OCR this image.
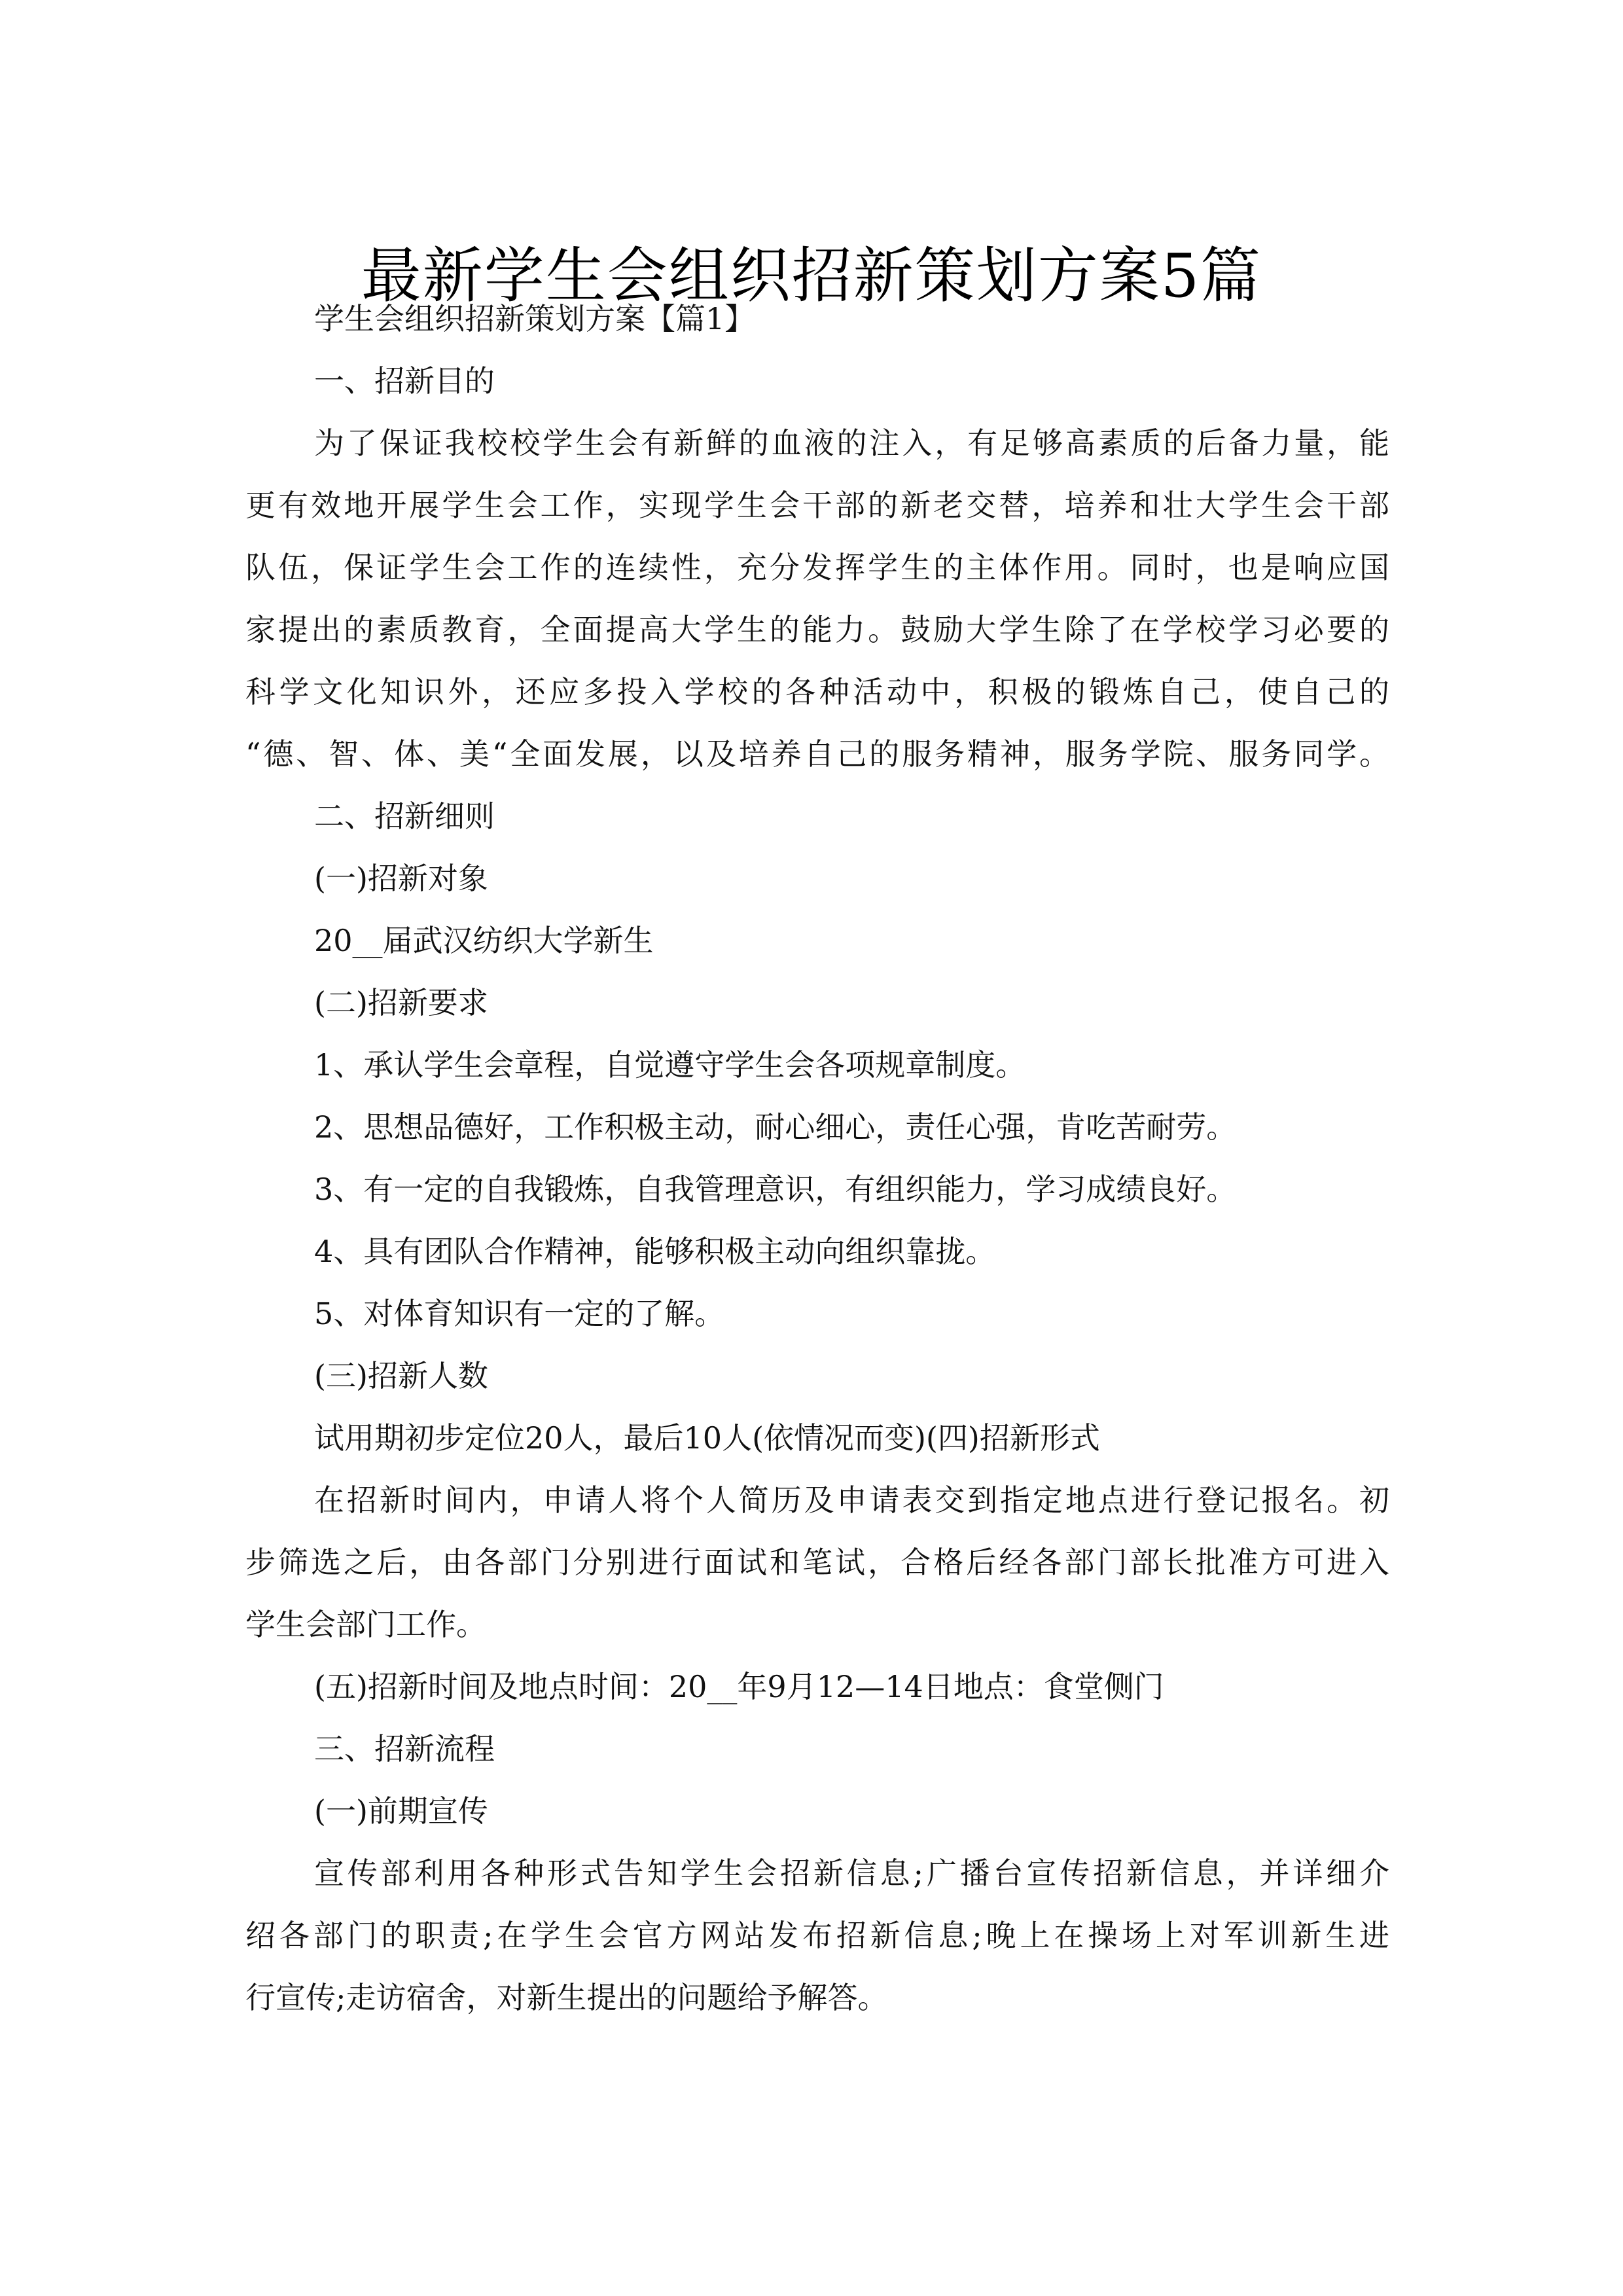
最新学生会组织招新策划方案5篇
学生会组织招新策划方案【篇1】
一、招新目的
为了保证我校校学生会有新鲜的血液的注入，有足够高素质的后备力量，能
更有效地开展学生会工作，实现学生会干部的新老交替，培养和壮大学生会干部
队伍，保证学生会工作的连续性，充分发挥学生的主体作用。同时，也是响应国
家提出的素质教育，全面提高大学生的能力。鼓励大学生除了在学校学习必要的
科学文化知识外，还应多投入学校的各种活动中，积极的锻炼自己，使自己的
“德、智、体、美“全面发展，以及培养自己的服务精神，服务学院、服务同学。
二、招新细则
(一)招新对象
20__届武汉纺织大学新生
(二)招新要求
1、承认学生会章程，自觉遵守学生会各项规章制度。
2、思想品德好，工作积极主动，耐心细心，责任心强，肯吃苦耐劳。
3、有一定的自我锻炼，自我管理意识，有组织能力，学习成绩良好。
4、具有团队合作精神，能够积极主动向组织靠拢。
5、对体育知识有一定的了解。
(三)招新人数
试用期初步定位20人，最后10人(依情况而变)(四)招新形式
在招新时间内，申请人将个人简历及申请表交到指定地点进行登记报名。初
步筛选之后，由各部门分别进行面试和笔试，合格后经各部门部长批准方可进入
学生会部门工作。
(五)招新时间及地点时间：20__年9月12—14日地点：食堂侧门
三、招新流程
(一)前期宣传
宣传部利用各种形式告知学生会招新信息;广播台宣传招新信息，并详细介
绍各部门的职责;在学生会官方网站发布招新信息;晚上在操场上对军训新生进
行宣传;走访宿舍，对新生提出的问题给予解答。
